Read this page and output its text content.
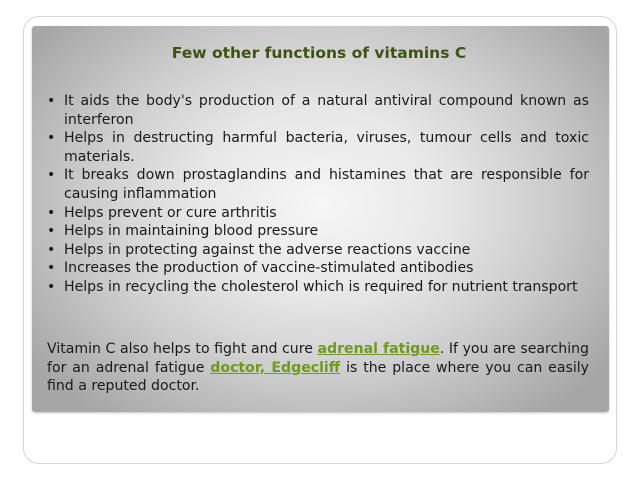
Few other functions of vitamins C
• It aids the body's production of a natural antiviral compound known as interferon
• Helps in destructing harmful bacteria, viruses, tumour cells and toxic materials.
• It breaks down prostaglandins and histamines that are responsible for causing inflammation
• Helps prevent or cure arthritis
• Helps in maintaining blood pressure
• Helps in protecting against the adverse reactions vaccine
• Increases the production of vaccine-stimulated antibodies
• Helps in recycling the cholesterol which is required for nutrient transport

Vitamin C also helps to fight and cure adrenal fatigue. If you are searching for an adrenal fatigue doctor, Edgecliff is the place where you can easily find a reputed doctor.
